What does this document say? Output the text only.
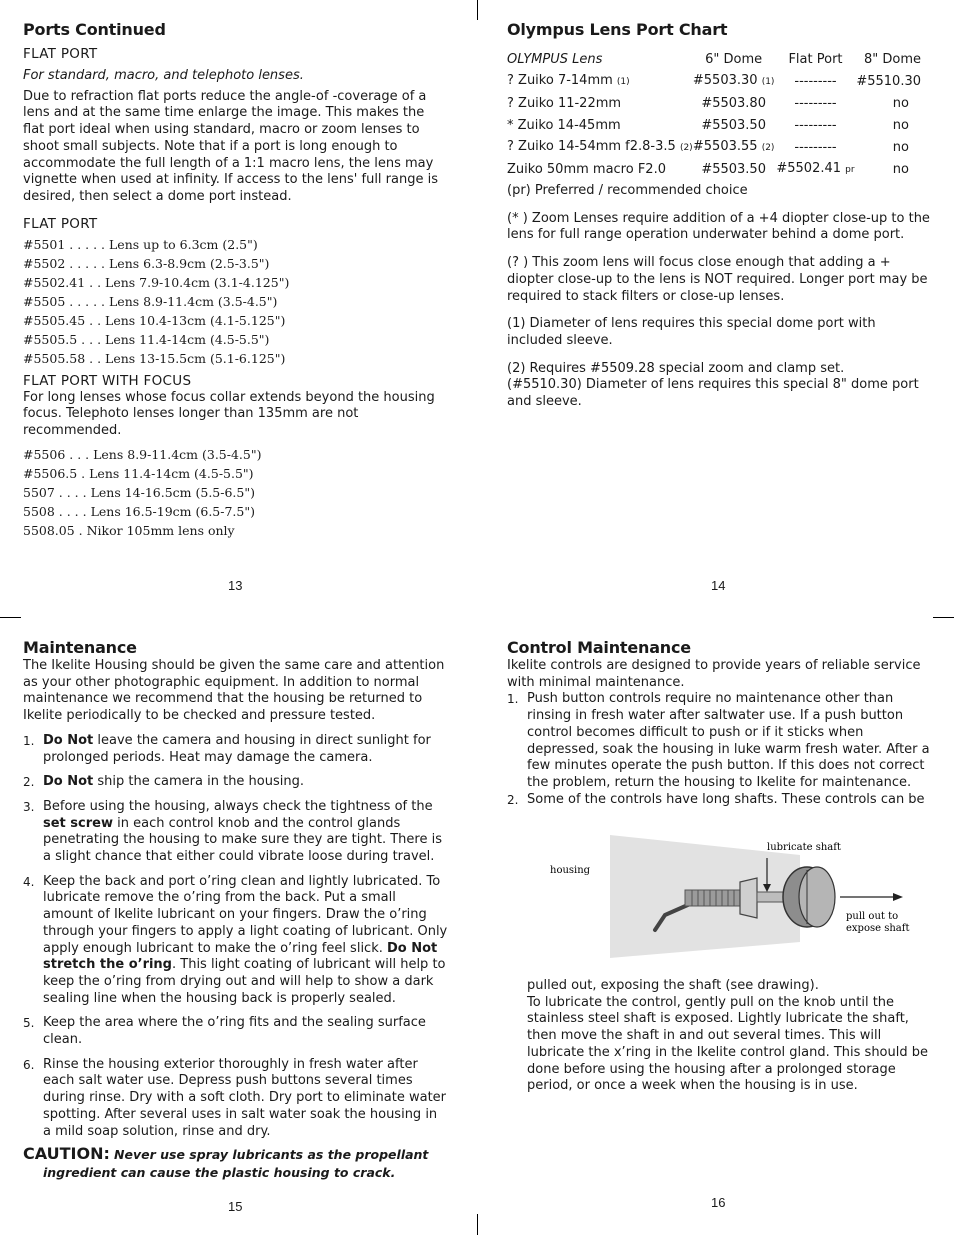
Ports Continued

FLAT PORT

For standard, macro, and telephoto lenses.

Due to refraction flat ports reduce the angle-of -coverage of a lens and at the same time enlarge the image. This makes the flat port ideal when using standard, macro or zoom lenses to shoot small subjects. Note that if a port is long enough to accommodate the full length of a 1:1 macro lens, the lens may vignette when used at infinity. If access to the lens' full range is desired, then select a dome port instead.

FLAT PORT

#5501 . . . . . Lens up to 6.3cm (2.5")
#5502 . . . . . Lens 6.3-8.9cm (2.5-3.5")
#5502.41 . . Lens 7.9-10.4cm (3.1-4.125")
#5505 . . . . . Lens 8.9-11.4cm (3.5-4.5")
#5505.45 . . Lens 10.4-13cm (4.1-5.125")
#5505.5 . . . Lens 11.4-14cm (4.5-5.5")
#5505.58 . . Lens 13-15.5cm (5.1-6.125")

FLAT PORT WITH FOCUS

For long lenses whose focus collar extends beyond the housing focus. Telephoto lenses longer than 135mm are not recommended.

#5506 . . . Lens 8.9-11.4cm (3.5-4.5")
#5506.5 . Lens 11.4-14cm (4.5-5.5")
5507 . . . . Lens 14-16.5cm (5.5-6.5")
5508 . . . . Lens 16.5-19cm (6.5-7.5")
5508.05 . Nikor 105mm lens only
13
Olympus Lens Port Chart
OLYMPUS Lens	6" Dome	Flat Port	8" Dome
? Zuiko 7-14mm (1)	#5503.30 (1)	---------	#5510.30
? Zuiko 11-22mm	#5503.80	---------	no
* Zuiko 14-45mm	#5503.50	---------	no
? Zuiko 14-54mm f2.8-3.5 (2)	#5503.55 (2)	---------	no
Zuiko 50mm macro F2.0	#5503.50	#5502.41 pr	no

(pr) Preferred / recommended choice

(* ) Zoom Lenses require addition of a +4 diopter close-up to the lens for full range operation underwater behind a dome port.

(? ) This zoom lens will focus close enough that adding a + diopter close-up to the lens is NOT required. Longer port may be required to stack filters or close-up lenses.

(1) Diameter of lens requires this special dome port with included sleeve.

(2) Requires #5509.28 special zoom and clamp set.

(#5510.30) Diameter of lens requires this special 8" dome port and sleeve.

14
Maintenance

The Ikelite Housing should be given the same care and attention as your other photographic equipment. In addition to normal maintenance we recommend that the housing be returned to Ikelite periodically to be checked and pressure tested.

1. Do Not leave the camera and housing in direct sunlight for prolonged periods. Heat may damage the camera.
2. Do Not ship the camera in the housing.
3. Before using the housing, always check the tightness of the set screw in each control knob and the control glands penetrating the housing to make sure they are tight. There is a slight chance that either could vibrate loose during travel.
4. Keep the back and port o’ring clean and lightly lubricated. To lubricate remove the o’ring from the back. Put a small amount of Ikelite lubricant on your fingers. Draw the o’ring through your fingers to apply a light coating of lubricant. Only apply enough lubricant to make the o’ring feel slick. Do Not stretch the o’ring. This light coating of lubricant will help to keep the o’ring from drying out and will help to show a dark sealing line when the housing back is properly sealed.
5. Keep the area where the o’ring fits and the sealing surface clean.
6. Rinse the housing exterior thoroughly in fresh water after each salt water use. Depress push buttons several times during rinse. Dry with a soft cloth. Dry port to eliminate water spotting. After several uses in salt water soak the housing in a mild soap solution, rinse and dry.

CAUTION: Never use spray lubricants as the propellant ingredient can cause the plastic housing to crack.

15
Control Maintenance

Ikelite controls are designed to provide years of reliable service with minimal maintenance.

1. Push button controls require no maintenance other than rinsing in fresh water after saltwater use. If a push button control becomes difficult to push or if it sticks when depressed, soak the housing in luke warm fresh water. After a few minutes operate the push button. If this does not correct the problem, return the housing to Ikelite for maintenance.
2. Some of the controls have long shafts. These controls can be
housing
lubricate shaft
pull out to
expose shaft

pulled out, exposing the shaft (see drawing).

To lubricate the control, gently pull on the knob until the stainless steel shaft is exposed. Lightly lubricate the shaft, then move the shaft in and out several times. This will lubricate the x’ring in the Ikelite control gland. This should be done before using the housing after a prolonged storage period, or once a week when the housing is in use.

16
